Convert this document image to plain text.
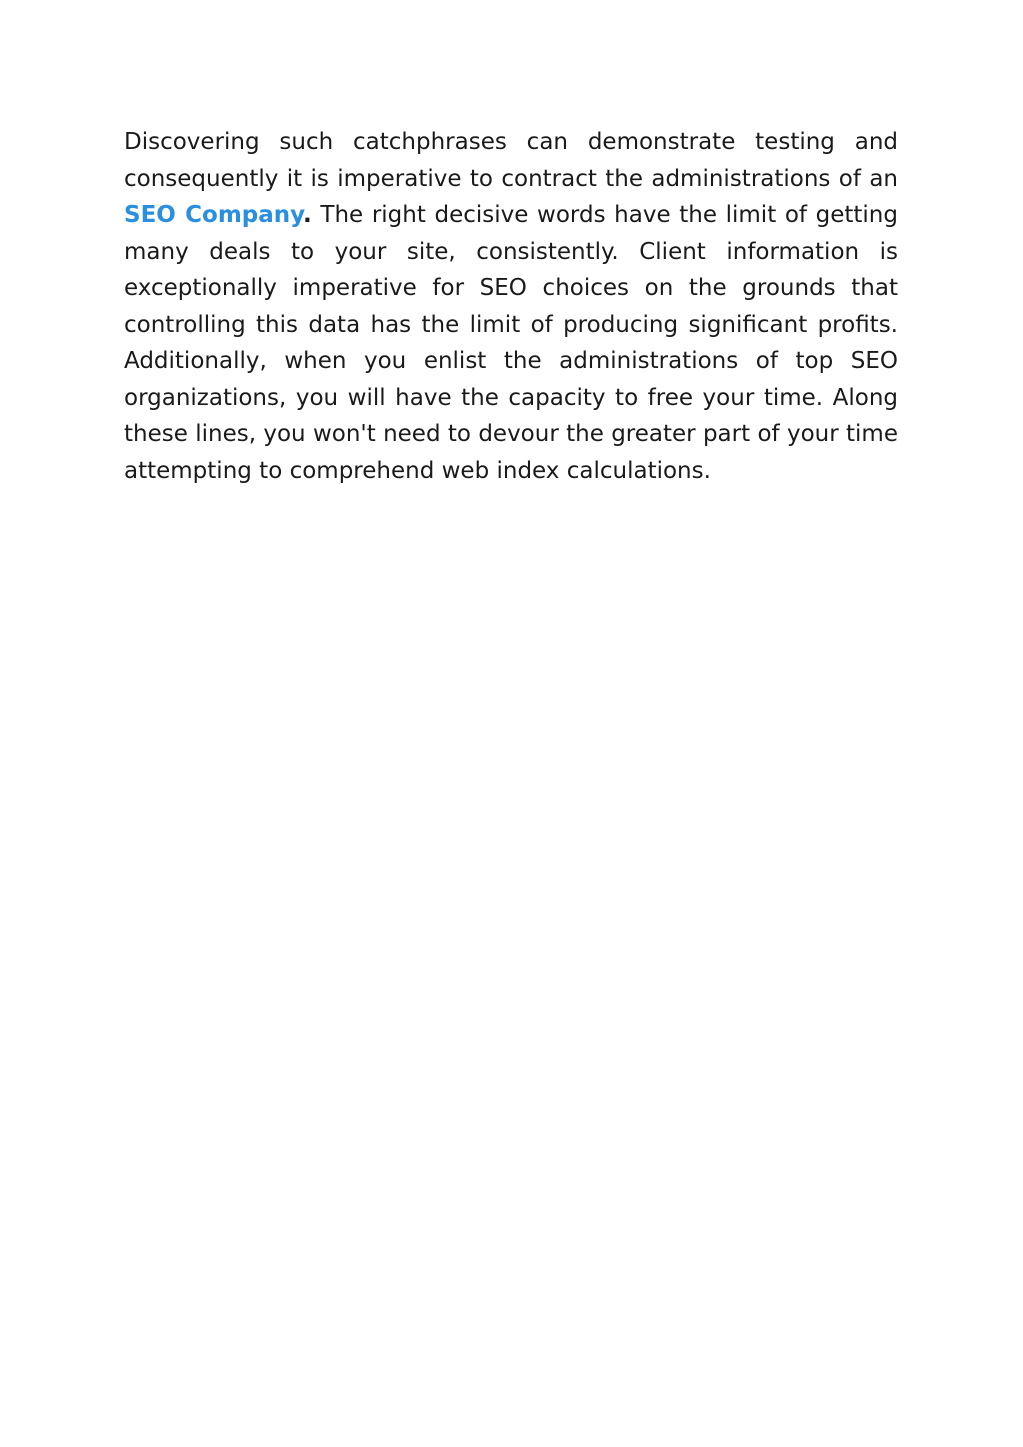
Discovering such catchphrases can demonstrate testing and consequently it is imperative to contract the administrations of an SEO Company. The right decisive words have the limit of getting many deals to your site, consistently. Client information is exceptionally imperative for SEO choices on the grounds that controlling this data has the limit of producing significant profits. Additionally, when you enlist the administrations of top SEO organizations, you will have the capacity to free your time. Along these lines, you won't need to devour the greater part of your time attempting to comprehend web index calculations.
